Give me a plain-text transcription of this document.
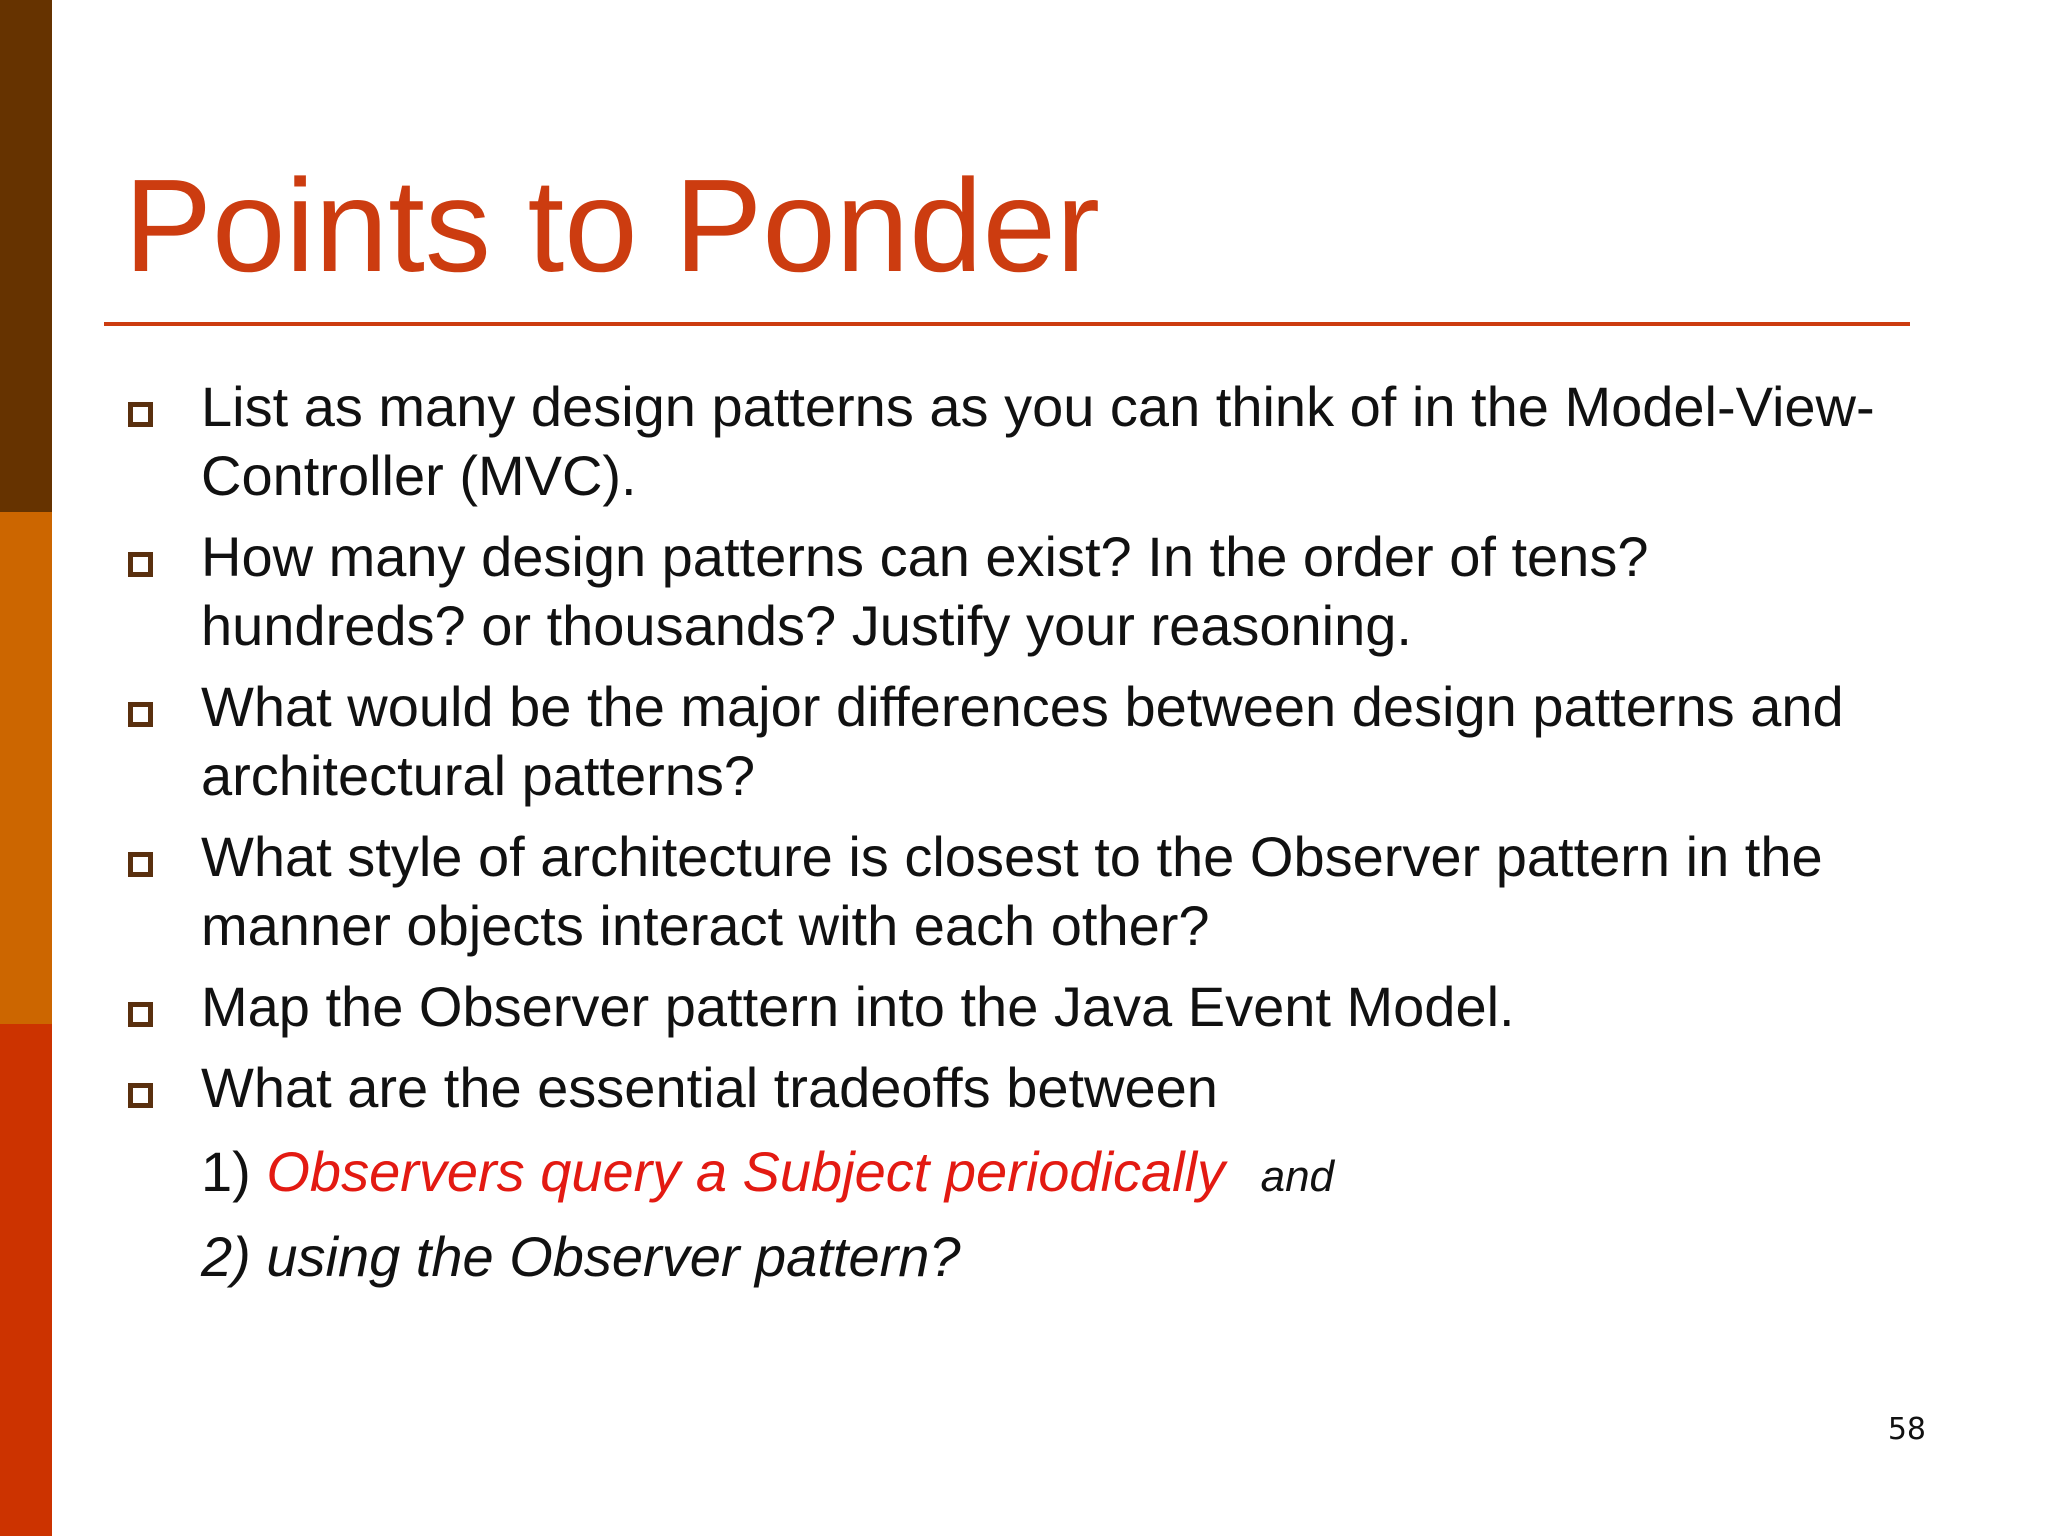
Points to Ponder
List as many design patterns as you can think of in the Model-View-Controller (MVC).
How many design patterns can exist? In the order of tens? hundreds? or thousands? Justify your reasoning.
What would be the major differences between design patterns and architectural patterns?
What style of architecture is closest to the Observer pattern in the manner objects interact with each other?
Map the Observer pattern into the Java Event Model.
What are the essential tradeoffs between
1) Observers query a Subject periodically and
2) using the Observer pattern?
58
